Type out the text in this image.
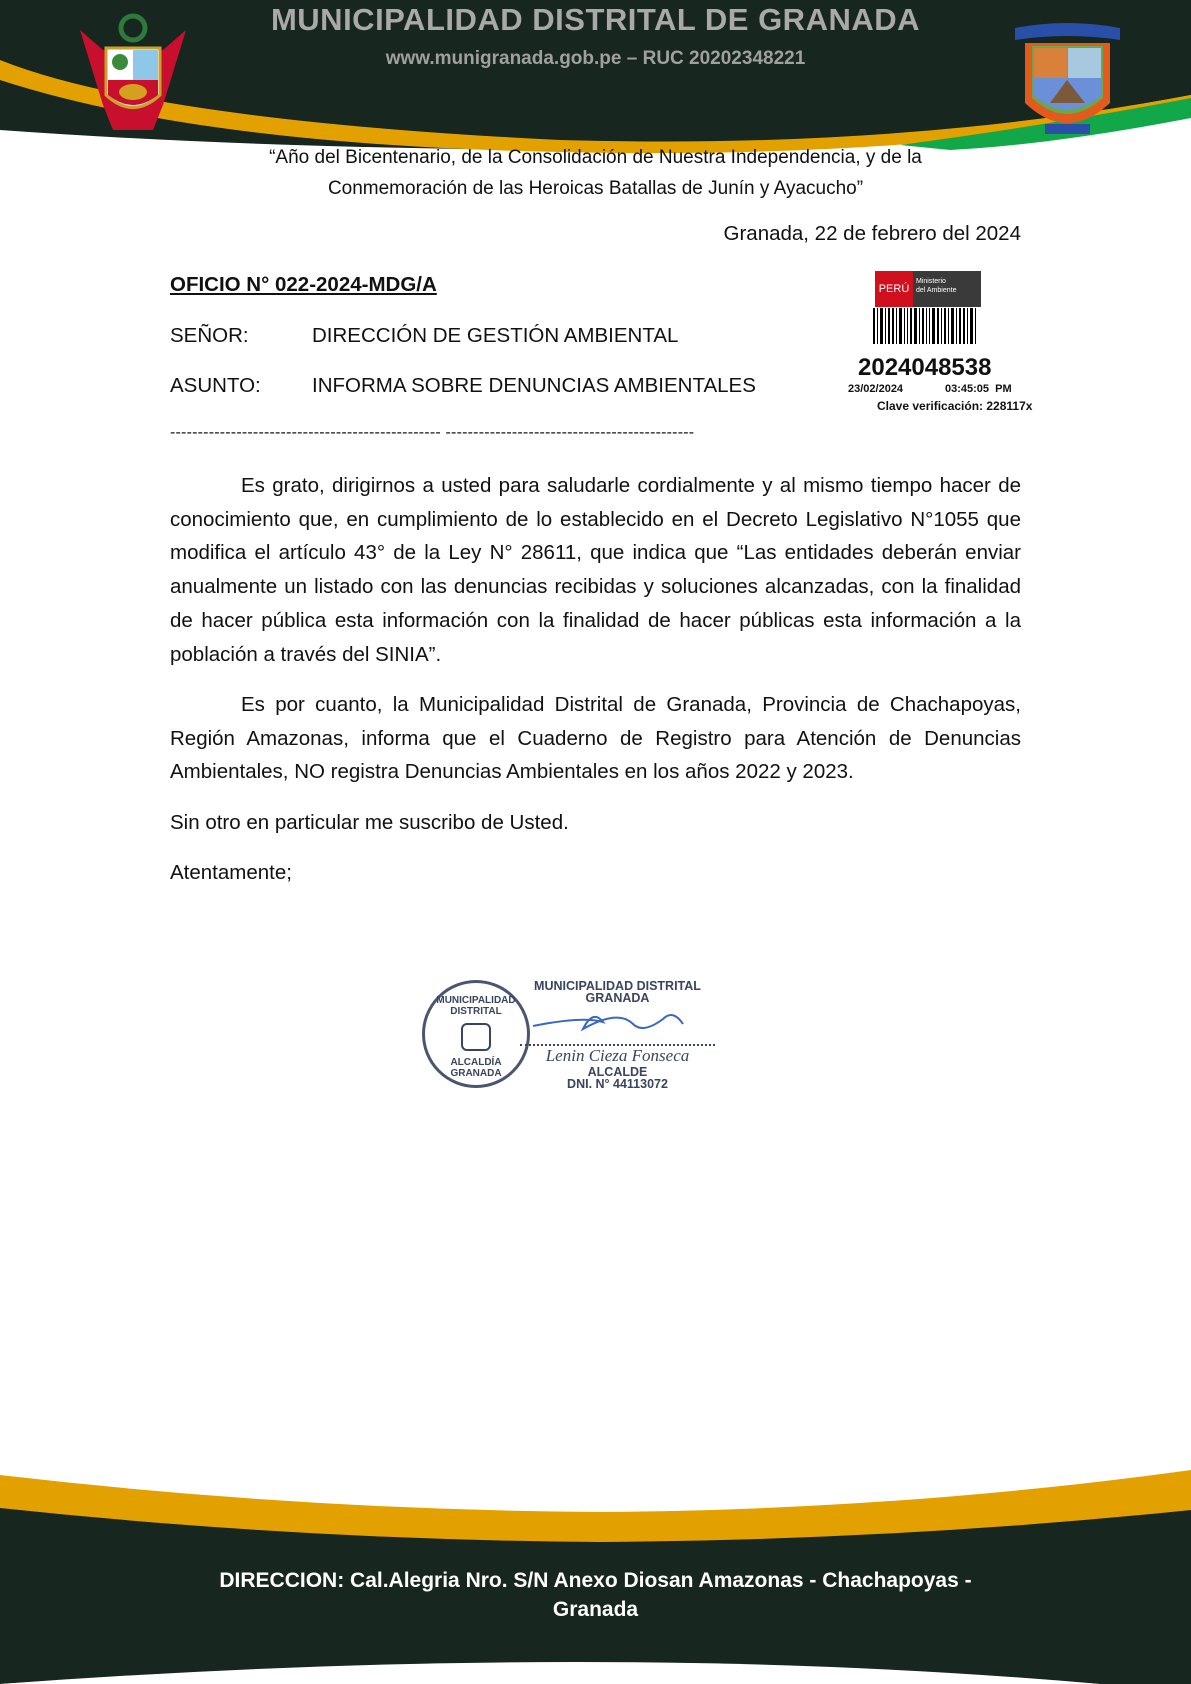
MUNICIPALIDAD DISTRITAL DE GRANADA
www.munigranada.gob.pe – RUC 20202348221
“Año del Bicentenario, de la Consolidación de Nuestra Independencia, y de la
Conmemoración de las Heroicas Batallas de Junín y Ayacucho”
Granada, 22 de febrero del 2024
OFICIO N° 022-2024-MDG/A
SEÑOR:	DIRECCIÓN DE GESTIÓN AMBIENTAL
ASUNTO:	INFORMA SOBRE DENUNCIAS AMBIENTALES
------------------------------------------------- ---------------------------------------------
PERÚ
Ministerio
del Ambiente
2024048538
23/02/2024	03:45:05  PM
Clave verificación: 228117x
Es grato, dirigirnos a usted para saludarle cordialmente y al mismo tiempo hacer de conocimiento que, en cumplimiento de lo establecido en el Decreto Legislativo N°1055 que modifica el artículo 43° de la Ley N° 28611, que indica que “Las entidades deberán enviar anualmente un listado con las denuncias recibidas y soluciones alcanzadas, con la finalidad de hacer pública esta información con la finalidad de hacer públicas esta información a la población a través del SINIA”.
Es por cuanto, la Municipalidad Distrital de Granada, Provincia de Chachapoyas, Región Amazonas, informa que el Cuaderno de Registro para Atención de Denuncias Ambientales, NO registra Denuncias Ambientales en los años 2022 y 2023.
Sin otro en particular me suscribo de Usted.
Atentamente;
MUNICIPALIDAD DISTRITAL
ALCALDÍA
GRANADA
MUNICIPALIDAD DISTRITAL
GRANADA
Lenin Cieza Fonseca
ALCALDE
DNI. N° 44113072
DIRECCION: Cal.Alegria Nro. S/N Anexo Diosan Amazonas - Chachapoyas -
Granada
